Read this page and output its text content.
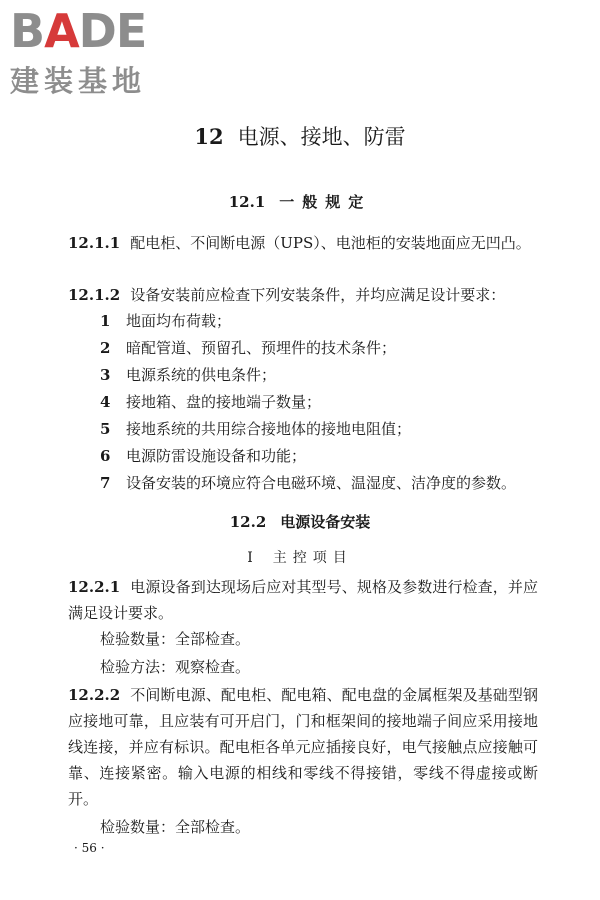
BADE
建装基地
12 电源、接地、防雷
12.1 一般规定
12.1.1 配电柜、不间断电源（UPS）、电池柜的安装地面应无凹凸。
12.1.2 设备安装前应检查下列安装条件，并均应满足设计要求：
1 地面均布荷载；
2 暗配管道、预留孔、预埋件的技术条件；
3 电源系统的供电条件；
4 接地箱、盘的接地端子数量；
5 接地系统的共用综合接地体的接地电阻值；
6 电源防雷设施设备和功能；
7 设备安装的环境应符合电磁环境、温湿度、洁净度的参数。
12.2 电源设备安装
Ⅰ 主控项目
12.2.1 电源设备到达现场后应对其型号、规格及参数进行检查，并应满足设计要求。
检验数量：全部检查。
检验方法：观察检查。
12.2.2 不间断电源、配电柜、配电箱、配电盘的金属框架及基础型钢应接地可靠，且应装有可开启门，门和框架间的接地端子间应采用接地线连接，并应有标识。配电柜各单元应插接良好，电气接触点应接触可靠、连接紧密。输入电源的相线和零线不得接错，零线不得虚接或断开。
检验数量：全部检查。
· 56 ·
